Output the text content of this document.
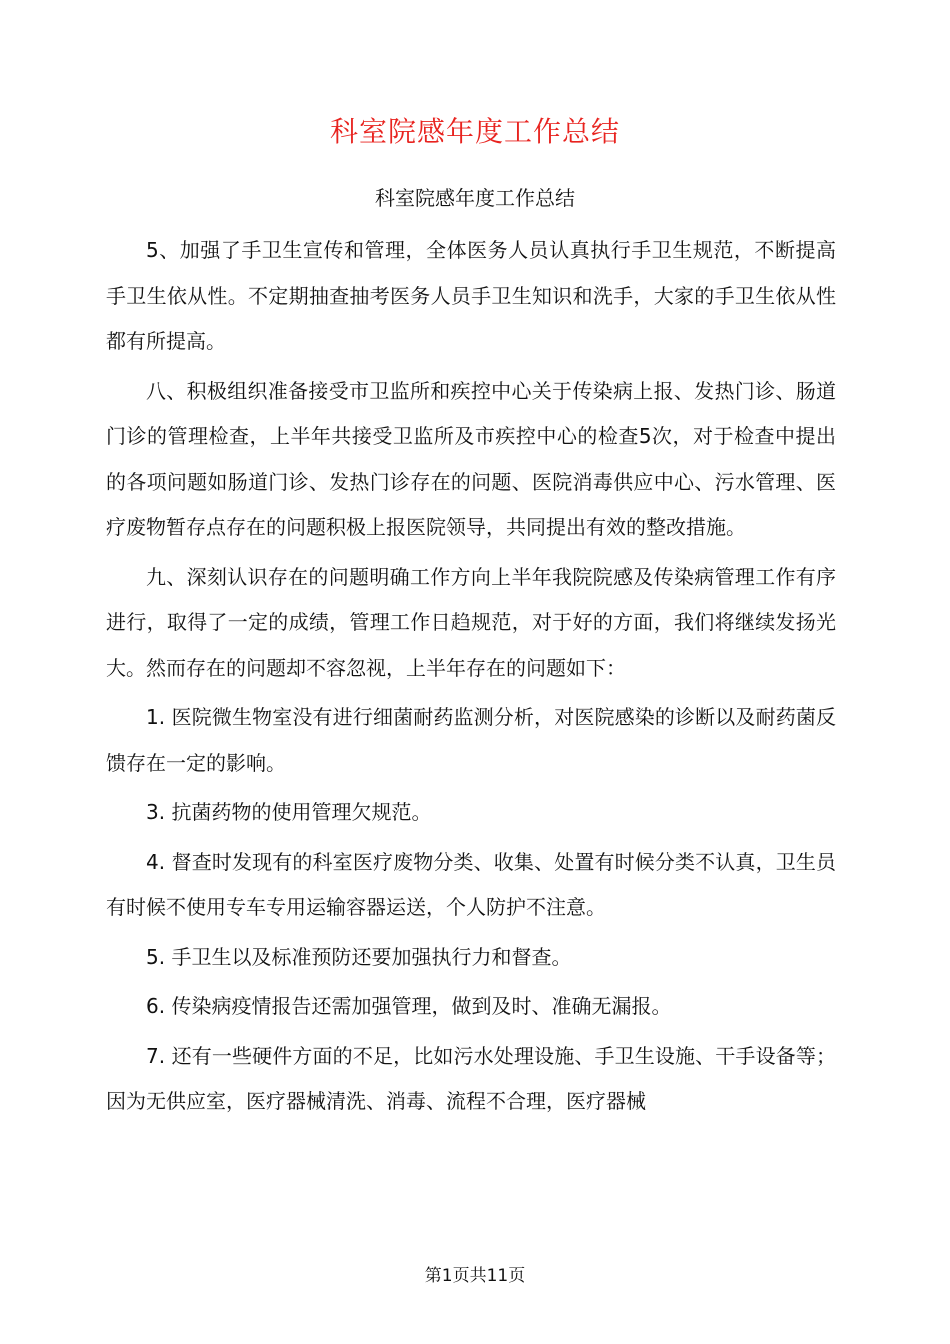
科室院感年度工作总结
科室院感年度工作总结

5、加强了手卫生宣传和管理，全体医务人员认真执行手卫生规范，不断提高手卫生依从性。不定期抽查抽考医务人员手卫生知识和洗手，大家的手卫生依从性都有所提高。

八、积极组织准备接受市卫监所和疾控中心关于传染病上报、发热门诊、肠道门诊的管理检查，上半年共接受卫监所及市疾控中心的检查5次，对于检查中提出的各项问题如肠道门诊、发热门诊存在的问题、医院消毒供应中心、污水管理、医疗废物暂存点存在的问题积极上报医院领导，共同提出有效的整改措施。

九、深刻认识存在的问题明确工作方向上半年我院院感及传染病管理工作有序进行，取得了一定的成绩，管理工作日趋规范，对于好的方面，我们将继续发扬光大。然而存在的问题却不容忽视，上半年存在的问题如下：

1. 医院微生物室没有进行细菌耐药监测分析，对医院感染的诊断以及耐药菌反馈存在一定的影响。

3. 抗菌药物的使用管理欠规范。

4. 督查时发现有的科室医疗废物分类、收集、处置有时候分类不认真，卫生员有时候不使用专车专用运输容器运送，个人防护不注意。

5. 手卫生以及标准预防还要加强执行力和督查。

6. 传染病疫情报告还需加强管理，做到及时、准确无漏报。

7. 还有一些硬件方面的不足，比如污水处理设施、手卫生设施、干手设备等；因为无供应室，医疗器械清洗、消毒、流程不合理，医疗器械

第1页共11页
